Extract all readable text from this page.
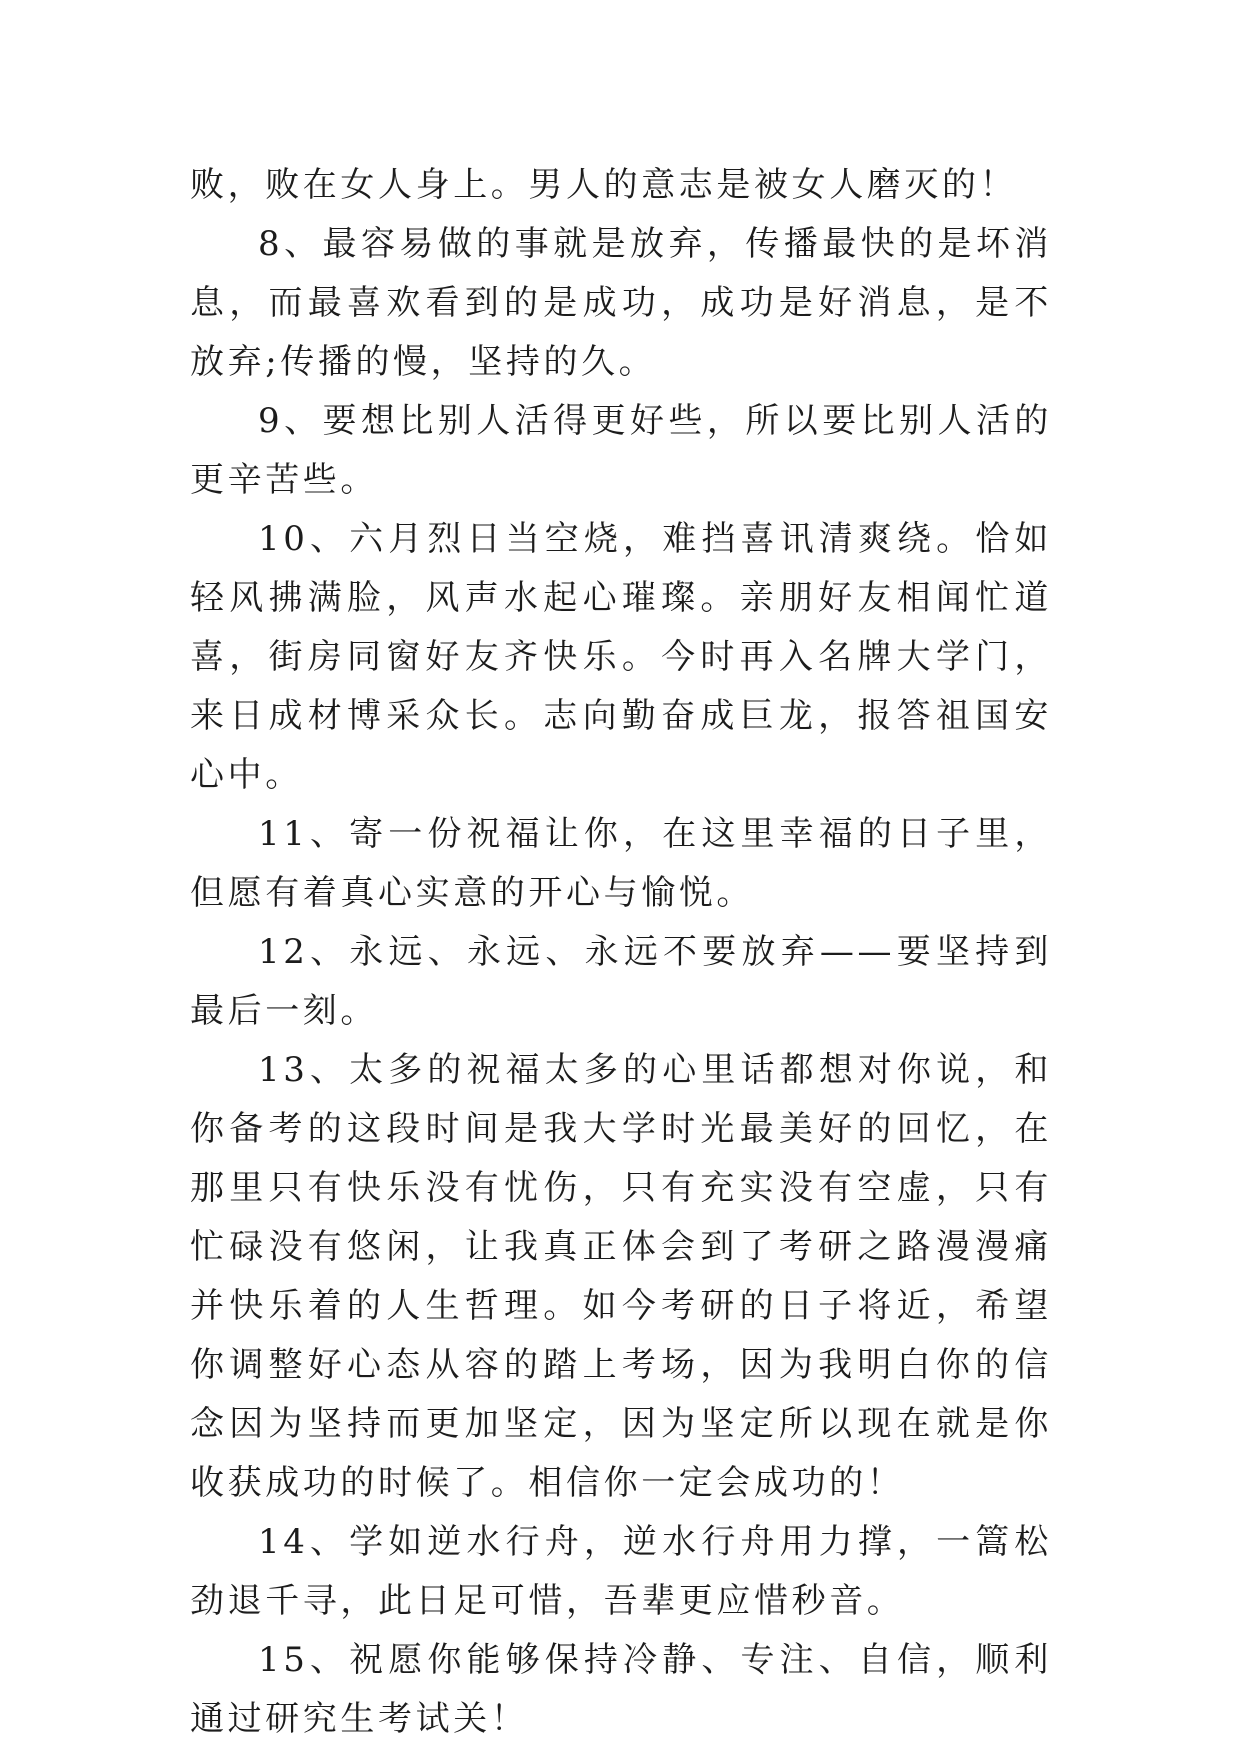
败，败在女人身上。男人的意志是被女人磨灭的！

8、最容易做的事就是放弃，传播最快的是坏消息，而最喜欢看到的是成功，成功是好消息，是不放弃;传播的慢，坚持的久。

9、要想比别人活得更好些，所以要比别人活的更辛苦些。

10、六月烈日当空烧，难挡喜讯清爽绕。恰如轻风拂满脸，风声水起心璀璨。亲朋好友相闻忙道喜，街房同窗好友齐快乐。今时再入名牌大学门，来日成材博采众长。志向勤奋成巨龙，报答祖国安心中。

11、寄一份祝福让你，在这里幸福的日子里，但愿有着真心实意的开心与愉悦。

12、永远、永远、永远不要放弃——要坚持到最后一刻。

13、太多的祝福太多的心里话都想对你说，和你备考的这段时间是我大学时光最美好的回忆，在那里只有快乐没有忧伤，只有充实没有空虚，只有忙碌没有悠闲，让我真正体会到了考研之路漫漫痛并快乐着的人生哲理。如今考研的日子将近，希望你调整好心态从容的踏上考场，因为我明白你的信念因为坚持而更加坚定，因为坚定所以现在就是你收获成功的时候了。相信你一定会成功的！

14、学如逆水行舟，逆水行舟用力撑，一篙松劲退千寻，此日足可惜，吾辈更应惜秒音。

15、祝愿你能够保持冷静、专注、自信，顺利通过研究生考试关！
